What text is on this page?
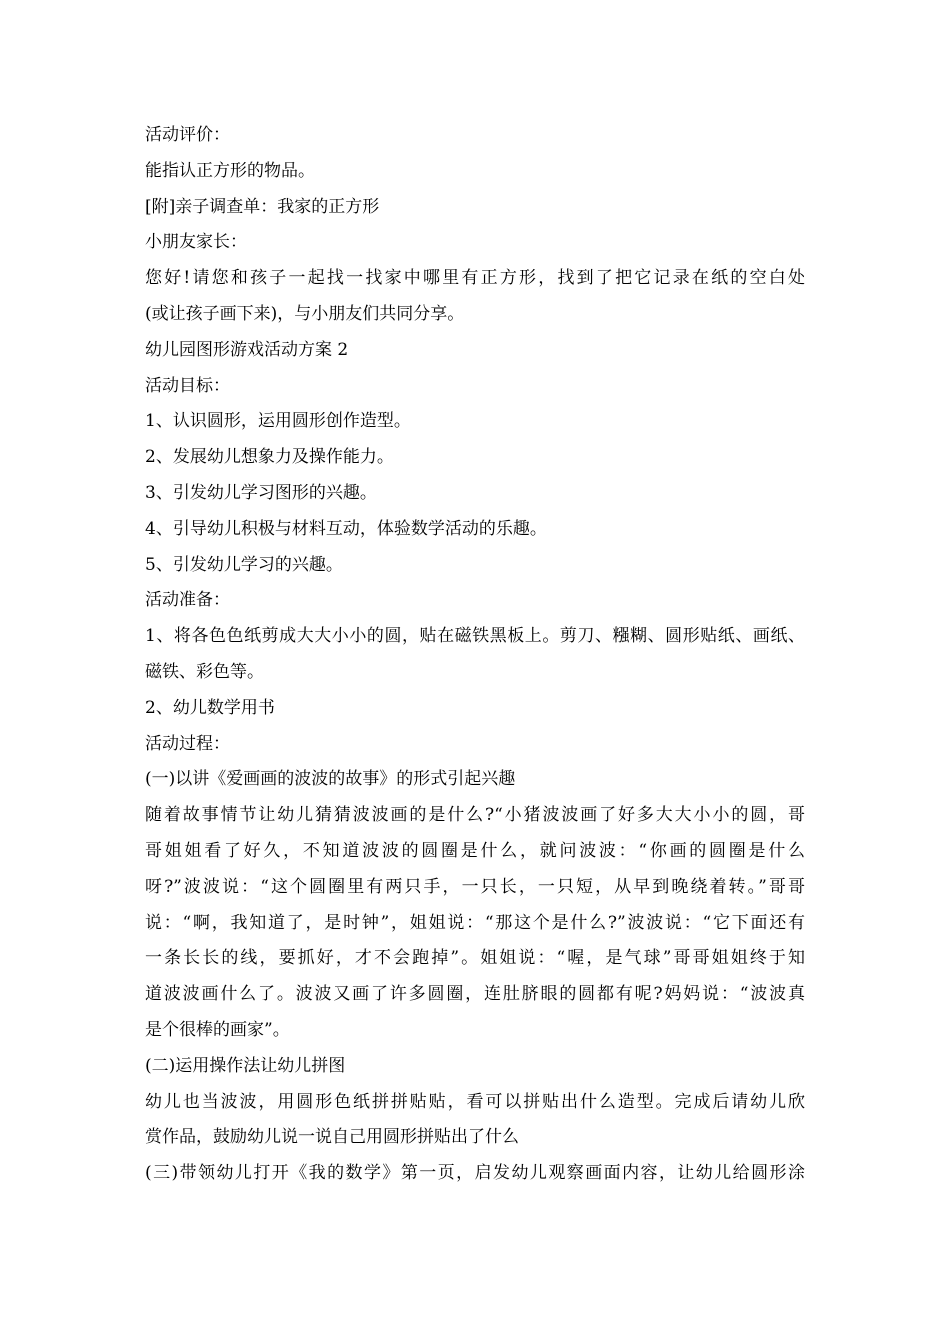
活动评价：
能指认正方形的物品。
[附]亲子调查单：我家的正方形
小朋友家长：
您好!请您和孩子一起找一找家中哪里有正方形，找到了把它记录在纸的空白处
(或让孩子画下来)，与小朋友们共同分享。
幼儿园图形游戏活动方案 2
活动目标：
1、认识圆形，运用圆形创作造型。
2、发展幼儿想象力及操作能力。
3、引发幼儿学习图形的兴趣。
4、引导幼儿积极与材料互动，体验数学活动的乐趣。
5、引发幼儿学习的兴趣。
活动准备：
1、将各色色纸剪成大大小小的圆，贴在磁铁黑板上。剪刀、糨糊、圆形贴纸、画纸、
磁铁、彩色等。
2、幼儿数学用书
活动过程：
(一)以讲《爱画画的波波的故事》的形式引起兴趣
随着故事情节让幼儿猜猜波波画的是什么?“小猪波波画了好多大大小小的圆，哥
哥姐姐看了好久，不知道波波的圆圈是什么，就问波波：“你画的圆圈是什么
呀?”波波说：“这个圆圈里有两只手，一只长，一只短，从早到晚绕着转。”哥哥
说：“啊，我知道了，是时钟”，姐姐说：“那这个是什么?”波波说：“它下面还有
一条长长的线，要抓好，才不会跑掉”。姐姐说：“喔，是气球”哥哥姐姐终于知
道波波画什么了。波波又画了许多圆圈，连肚脐眼的圆都有呢?妈妈说：“波波真
是个很棒的画家”。
(二)运用操作法让幼儿拼图
幼儿也当波波，用圆形色纸拼拼贴贴，看可以拼贴出什么造型。完成后请幼儿欣
赏作品，鼓励幼儿说一说自己用圆形拼贴出了什么
(三)带领幼儿打开《我的数学》第一页，启发幼儿观察画面内容，让幼儿给圆形涂
